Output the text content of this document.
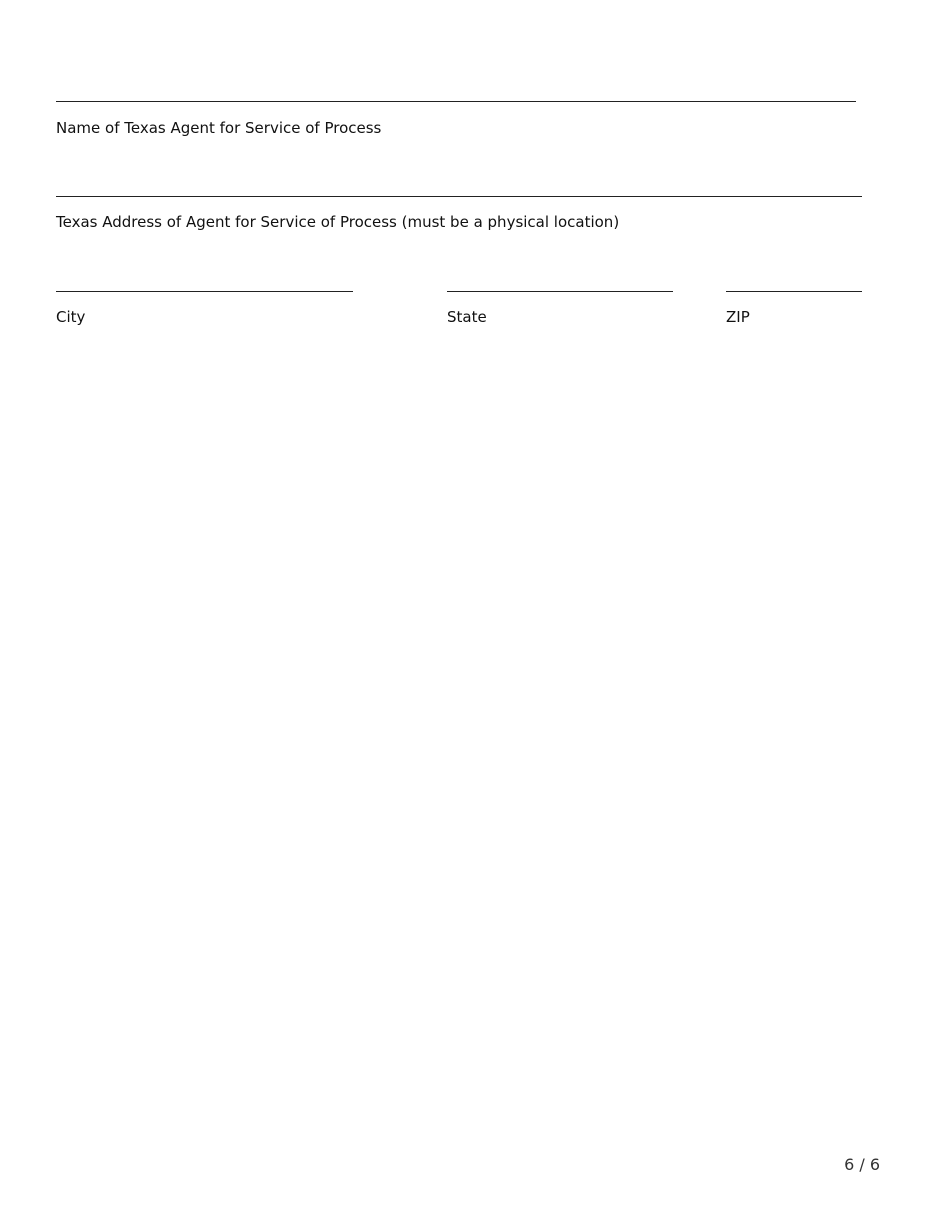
Name of Texas Agent for Service of Process
Texas Address of Agent for Service of Process (must be a physical location)
City	State	ZIP
6 / 6
